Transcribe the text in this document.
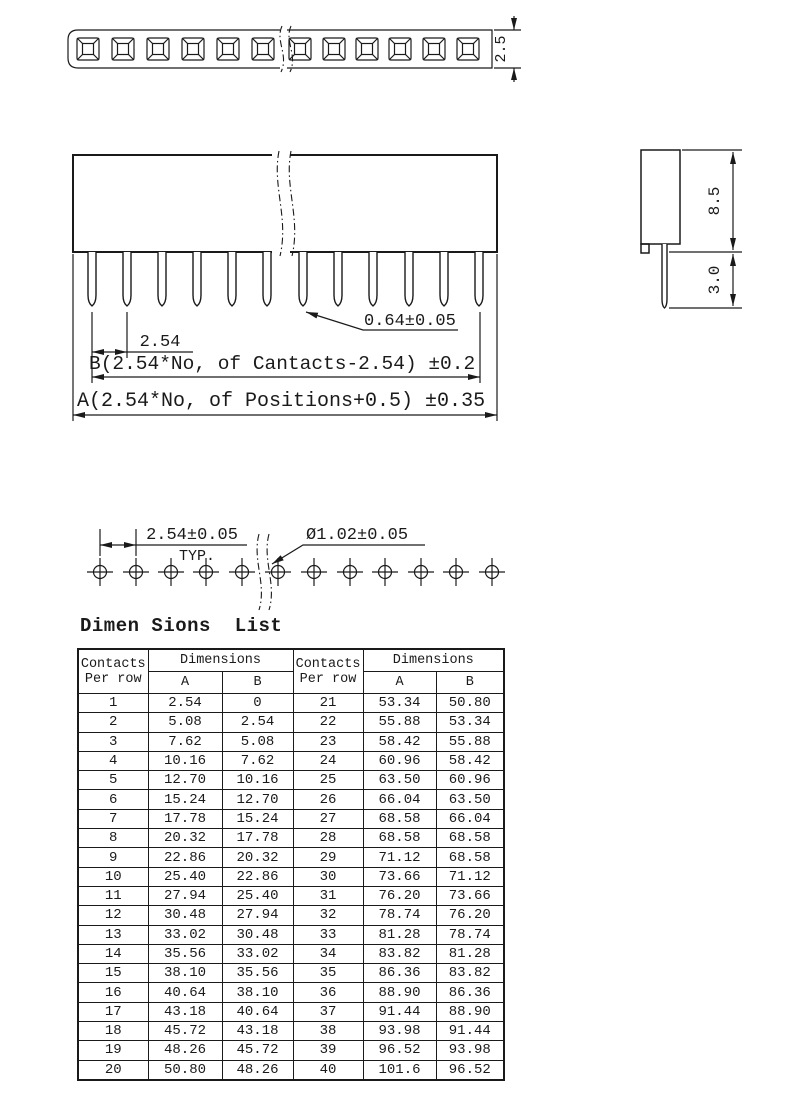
2.5
2.54
0.64±0.05
B(2.54*No, of Cantacts-2.54) ±0.2
A(2.54*No, of Positions+0.5) ±0.35
8.5
3.0
2.54±0.05
TYP.
Ø1.02±0.05
Dimen Sions  List
Contacts
Per row
	Dimensions	Contacts
Per row
	Dimensions
	A	B		A	B
1	2.54	0	21	53.34	50.80
2	5.08	2.54	22	55.88	53.34
3	7.62	5.08	23	58.42	55.88
4	10.16	7.62	24	60.96	58.42
5	12.70	10.16	25	63.50	60.96
6	15.24	12.70	26	66.04	63.50
7	17.78	15.24	27	68.58	66.04
8	20.32	17.78	28	68.58	68.58
9	22.86	20.32	29	71.12	68.58
10	25.40	22.86	30	73.66	71.12
11	27.94	25.40	31	76.20	73.66
12	30.48	27.94	32	78.74	76.20
13	33.02	30.48	33	81.28	78.74
14	35.56	33.02	34	83.82	81.28
15	38.10	35.56	35	86.36	83.82
16	40.64	38.10	36	88.90	86.36
17	43.18	40.64	37	91.44	88.90
18	45.72	43.18	38	93.98	91.44
19	48.26	45.72	39	96.52	93.98
20	50.80	48.26	40	101.6	96.52
